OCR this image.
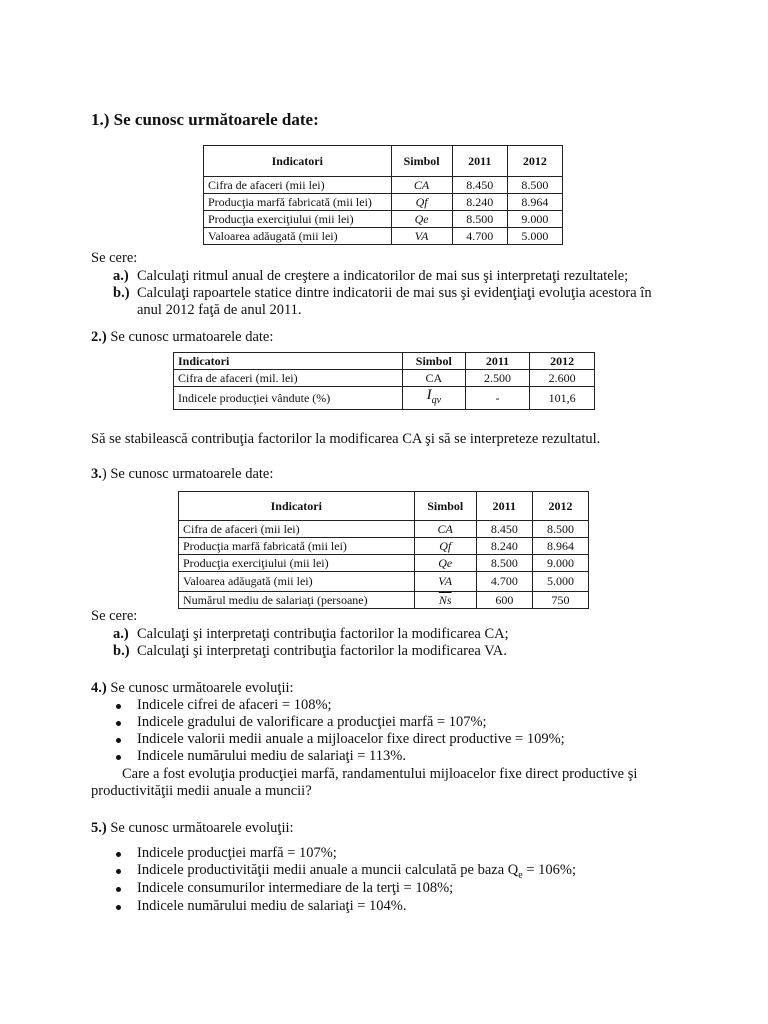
1.) Se cunosc următoarele date:
Indicatori	Simbol	2011	2012
Cifra de afaceri (mii lei)	CA	8.450	8.500
Producţia marfă fabricată (mii lei)	Qf	8.240	8.964
Producţia exerciţiului (mii lei)	Qe	8.500	9.000
Valoarea adăugată (mii lei)	VA	4.700	5.000
Se cere:
a.) Calculaţi ritmul anual de creştere a indicatorilor de mai sus şi interpretaţi rezultatele;
b.) Calculaţi rapoartele statice dintre indicatorii de mai sus şi evidenţiaţi evoluţia acestora în
anul 2012 faţă de anul 2011.
2.) Se cunosc urmatoarele date:
Indicatori	Simbol	2011	2012
Cifra de afaceri (mil. lei)	CA	2.500	2.600
Indicele producţiei vândute (%)	$I_{qv}$	-	101,6
Să se stabilească contribuţia factorilor la modificarea CA şi să se interpreteze rezultatul.
3.) Se cunosc urmatoarele date:
Indicatori	Simbol	2011	2012
Cifra de afaceri (mii lei)	CA	8.450	8.500
Producţia marfă fabricată (mii lei)	Qf	8.240	8.964
Producţia exerciţiului (mii lei)	Qe	8.500	9.000
Valoarea adăugată (mii lei)	VA	4.700	5.000
Numărul mediu de salariaţi (persoane)	$\overline{Ns}$	600	750
Se cere:
a.) Calculaţi şi interpretaţi contribuţia factorilor la modificarea CA;
b.) Calculaţi şi interpretaţi contribuţia factorilor la modificarea VA.
4.) Se cunosc următoarele evoluţii:
Indicele cifrei de afaceri = 108%;
Indicele gradului de valorificare a producţiei marfă = 107%;
Indicele valorii medii anuale a mijloacelor fixe direct productive = 109%;
Indicele numărului mediu de salariaţi = 113%.
Care a fost evoluţia producţiei marfă, randamentului mijloacelor fixe direct productive şi
productivităţii medii anuale a muncii?
5.) Se cunosc următoarele evoluţii:
Indicele producţiei marfă = 107%;
Indicele productivităţii medii anuale a muncii calculată pe baza $Q_e = 106\%$;
Indicele consumurilor intermediare de la terţi = 108%;
Indicele numărului mediu de salariaţi = 104%.
